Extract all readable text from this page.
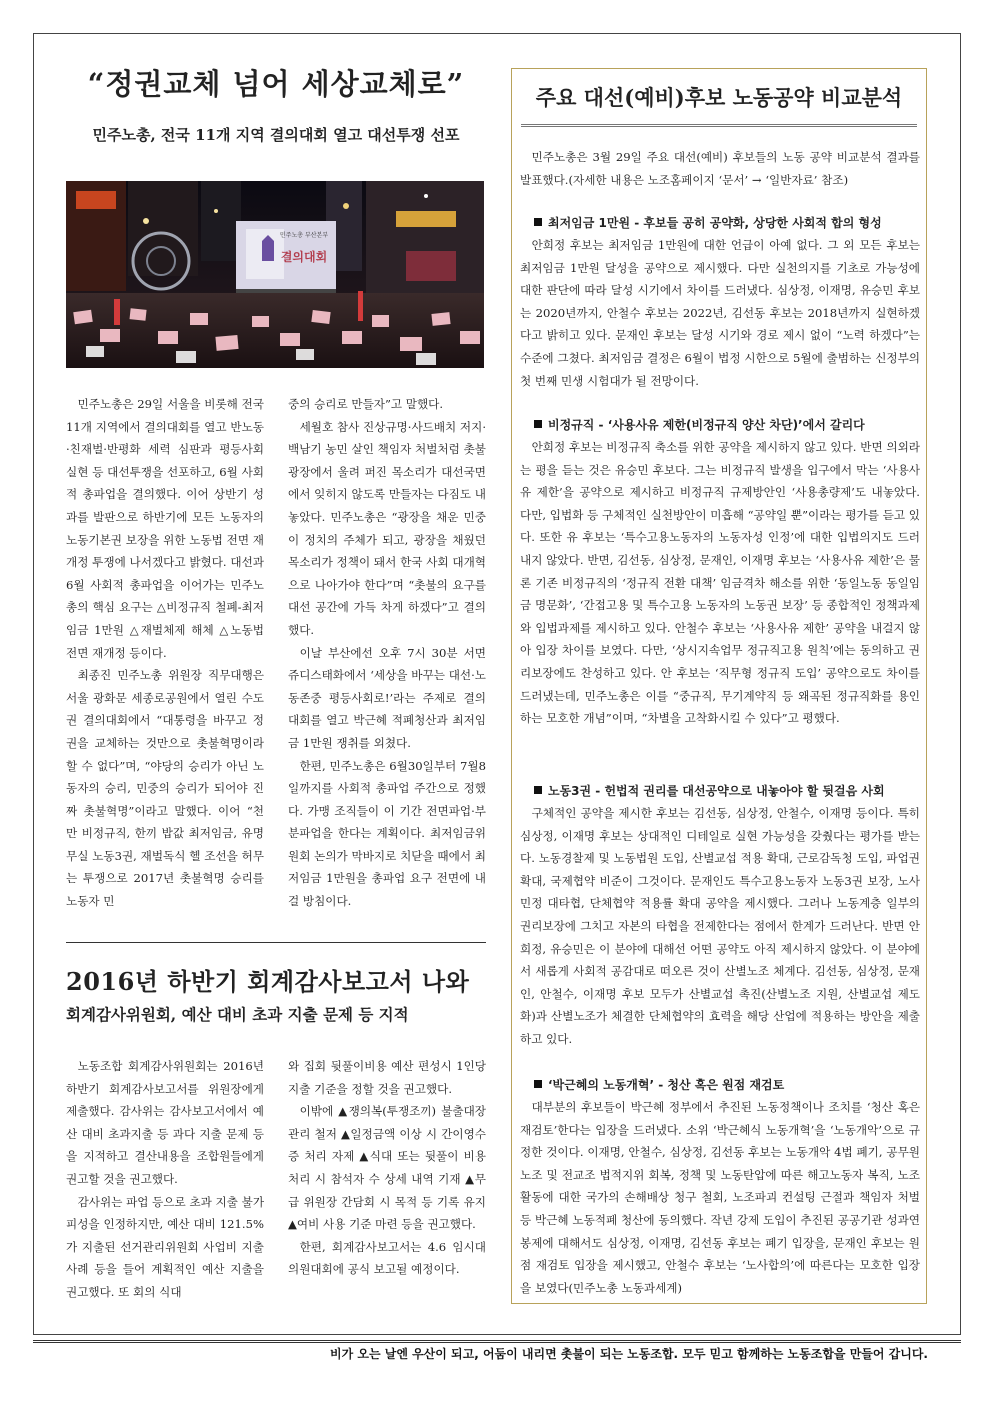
“정권교체 넘어 세상교체로”
민주노총, 전국 11개 지역 결의대회 열고 대선투쟁 선포
결의대회
민주노총 부산본부

민주노총은 29일 서울을 비롯해 전국 11개 지역에서 결의대회를 열고 반노동·친재벌·반평화 세력 심판과 평등사회 실현 등 대선투쟁을 선포하고, 6월 사회적 총파업을 결의했다. 이어 상반기 성과를 발판으로 하반기에 모든 노동자의 노동기본권 보장을 위한 노동법 전면 재개정 투쟁에 나서겠다고 밝혔다. 대선과 6월 사회적 총파업을 이어가는 민주노총의 핵심 요구는 △비정규직 철폐-최저임금 1만원 △재벌체제 해체 △노동법 전면 재개정 등이다.

최종진 민주노총 위원장 직무대행은 서울 광화문 세종로공원에서 열린 수도권 결의대회에서 “대통령을 바꾸고 정권을 교체하는 것만으로 촛불혁명이라 할 수 없다”며, “야당의 승리가 아닌 노동자의 승리, 민중의 승리가 되어야 진짜 촛불혁명”이라고 말했다. 이어 “천만 비정규직, 한끼 밥값 최저임금, 유명무실 노동3권, 재벌독식 헬 조선을 허무는 투쟁으로 2017년 촛불혁명 승리를 노동자 민

중의 승리로 만들자”고 말했다.

세월호 참사 진상규명·사드배치 저지·백남기 농민 살인 책임자 처벌처럼 촛불광장에서 울려 퍼진 목소리가 대선국면에서 잊히지 않도록 만들자는 다짐도 내놓았다. 민주노총은 “광장을 채운 민중이 정치의 주체가 되고, 광장을 채웠던 목소리가 정책이 돼서 한국 사회 대개혁으로 나아가야 한다”며 “촛불의 요구를 대선 공간에 가득 차게 하겠다”고 결의했다.

이날 부산에선 오후 7시 30분 서면 쥬디스태화에서 ‘세상을 바꾸는 대선·노동존중 평등사회로!’라는 주제로 결의대회를 열고 박근혜 적폐청산과 최저임금 1만원 쟁취를 외쳤다.

한편, 민주노총은 6월30일부터 7월8일까지를 사회적 총파업 주간으로 정했다. 가맹 조직들이 이 기간 전면파업·부분파업을 한다는 계획이다. 최저임금위원회 논의가 막바지로 치닫을 때에서 최저임금 1만원을 총파업 요구 전면에 내걸 방침이다.

2016년 하반기 회계감사보고서 나와
회계감사위원회, 예산 대비 초과 지출 문제 등 지적

노동조합 회계감사위원회는 2016년 하반기 회계감사보고서를 위원장에게 제출했다. 감사위는 감사보고서에서 예산 대비 초과지출 등 과다 지출 문제 등을 지적하고 결산내용을 조합원들에게 권고할 것을 권고했다.

감사위는 파업 등으로 초과 지출 불가피성을 인정하지만, 예산 대비 121.5%가 지출된 선거관리위원회 사업비 지출 사례 등을 들어 계획적인 예산 지출을 권고했다. 또 회의 식대

와 집회 뒷풀이비용 예산 편성시 1인당 지출 기준을 정할 것을 권고했다.

이밖에 ▲쟁의복(투쟁조끼) 불출대장 관리 철저 ▲일정금액 이상 시 간이영수증 처리 자제 ▲식대 또는 뒷풀이 비용 처리 시 참석자 수 상세 내역 기재 ▲무급 위원장 간담회 시 목적 등 기록 유지 ▲여비 사용 기준 마련 등을 권고했다.

한편, 회계감사보고서는 4.6 임시대의원대회에 공식 보고될 예정이다.

주요 대선(예비)후보 노동공약 비교분석

민주노총은 3월 29일 주요 대선(예비) 후보들의 노동 공약 비교분석 결과를 발표했다.(자세한 내용은 노조홈페이지 ‘문서’ → ‘일반자료’ 참조)

최저임금 1만원 - 후보들 공히 공약화, 상당한 사회적 합의 형성

안희정 후보는 최저임금 1만원에 대한 언급이 아예 없다. 그 외 모든 후보는 최저임금 1만원 달성을 공약으로 제시했다. 다만 실천의지를 기초로 가능성에 대한 판단에 따라 달성 시기에서 차이를 드러냈다. 심상정, 이재명, 유승민 후보는 2020년까지, 안철수 후보는 2022년, 김선동 후보는 2018년까지 실현하겠다고 밝히고 있다. 문재인 후보는 달성 시기와 경로 제시 없이 “노력 하겠다”는 수준에 그쳤다. 최저임금 결정은 6월이 법정 시한으로 5월에 출범하는 신정부의 첫 번째 민생 시험대가 될 전망이다.

비정규직 - ‘사용사유 제한(비정규직 양산 차단)’에서 갈리다

안희정 후보는 비정규직 축소를 위한 공약을 제시하지 않고 있다. 반면 의외라는 평을 듣는 것은 유승민 후보다. 그는 비정규직 발생을 입구에서 막는 ‘사용사유 제한’을 공약으로 제시하고 비정규직 규제방안인 ‘사용총량제’도 내놓았다. 다만, 입법화 등 구체적인 실천방안이 미흡해 “공약일 뿐”이라는 평가를 듣고 있다. 또한 유 후보는 ‘특수고용노동자의 노동자성 인정’에 대한 입법의지도 드러내지 않았다. 반면, 김선동, 심상정, 문재인, 이재명 후보는 ‘사용사유 제한’은 물론 기존 비정규직의 ‘정규직 전환 대책’ 임금격차 해소를 위한 ‘동일노동 동일임금 명문화’, ‘간접고용 및 특수고용 노동자의 노동권 보장’ 등 종합적인 정책과제와 입법과제를 제시하고 있다. 안철수 후보는 ‘사용사유 제한’ 공약을 내걸지 않아 입장 차이를 보였다. 다만, ‘상시지속업무 정규직고용 원칙’에는 동의하고 권리보장에도 찬성하고 있다. 안 후보는 ‘직무형 정규직 도입’ 공약으로도 차이를 드러냈는데, 민주노총은 이를 “중규직, 무기계약직 등 왜곡된 정규직화를 용인하는 모호한 개념”이며, “차별을 고착화시킬 수 있다”고 평했다.

노동3권 - 헌법적 권리를 대선공약으로 내놓아야 할 뒷걸음 사회

구체적인 공약을 제시한 후보는 김선동, 심상정, 안철수, 이재명 등이다. 특히 심상정, 이재명 후보는 상대적인 디테일로 실현 가능성을 갖췄다는 평가를 받는다. 노동경찰제 및 노동법원 도입, 산별교섭 적용 확대, 근로감독청 도입, 파업권 확대, 국제협약 비준이 그것이다. 문재인도 특수고용노동자 노동3권 보장, 노사민정 대타협, 단체협약 적용률 확대 공약을 제시했다. 그러나 노동계층 일부의 권리보장에 그치고 자본의 타협을 전제한다는 점에서 한계가 드러난다. 반면 안희정, 유승민은 이 분야에 대해선 어떤 공약도 아직 제시하지 않았다. 이 분야에서 새롭게 사회적 공감대로 떠오른 것이 산별노조 체계다. 김선동, 심상정, 문재인, 안철수, 이재명 후보 모두가 산별교섭 촉진(산별노조 지원, 산별교섭 제도화)과 산별노조가 체결한 단체협약의 효력을 해당 산업에 적용하는 방안을 제출하고 있다.

‘박근혜의 노동개혁’ - 청산 혹은 원점 재검토

대부분의 후보들이 박근혜 정부에서 추진된 노동정책이나 조치를 ‘청산 혹은 재검토’한다는 입장을 드러냈다. 소위 ‘박근혜식 노동개혁’을 ‘노동개악’으로 규정한 것이다. 이재명, 안철수, 심상정, 김선동 후보는 노동개악 4법 폐기, 공무원노조 및 전교조 법적지위 회복, 정책 및 노동탄압에 따른 해고노동자 복직, 노조활동에 대한 국가의 손해배상 청구 철회, 노조파괴 컨설팅 근절과 책임자 처벌 등 박근혜 노동적폐 청산에 동의했다. 작년 강제 도입이 추진된 공공기관 성과연봉제에 대해서도 심상정, 이재명, 김선동 후보는 폐기 입장을, 문재인 후보는 원점 재검토 입장을 제시했고, 안철수 후보는 ‘노사합의’에 따른다는 모호한 입장을 보였다(민주노총 노동과세계)

비가 오는 날엔 우산이 되고, 어둠이 내리면 촛불이 되는 노동조합. 모두 믿고 함께하는 노동조합을 만들어 갑니다.
